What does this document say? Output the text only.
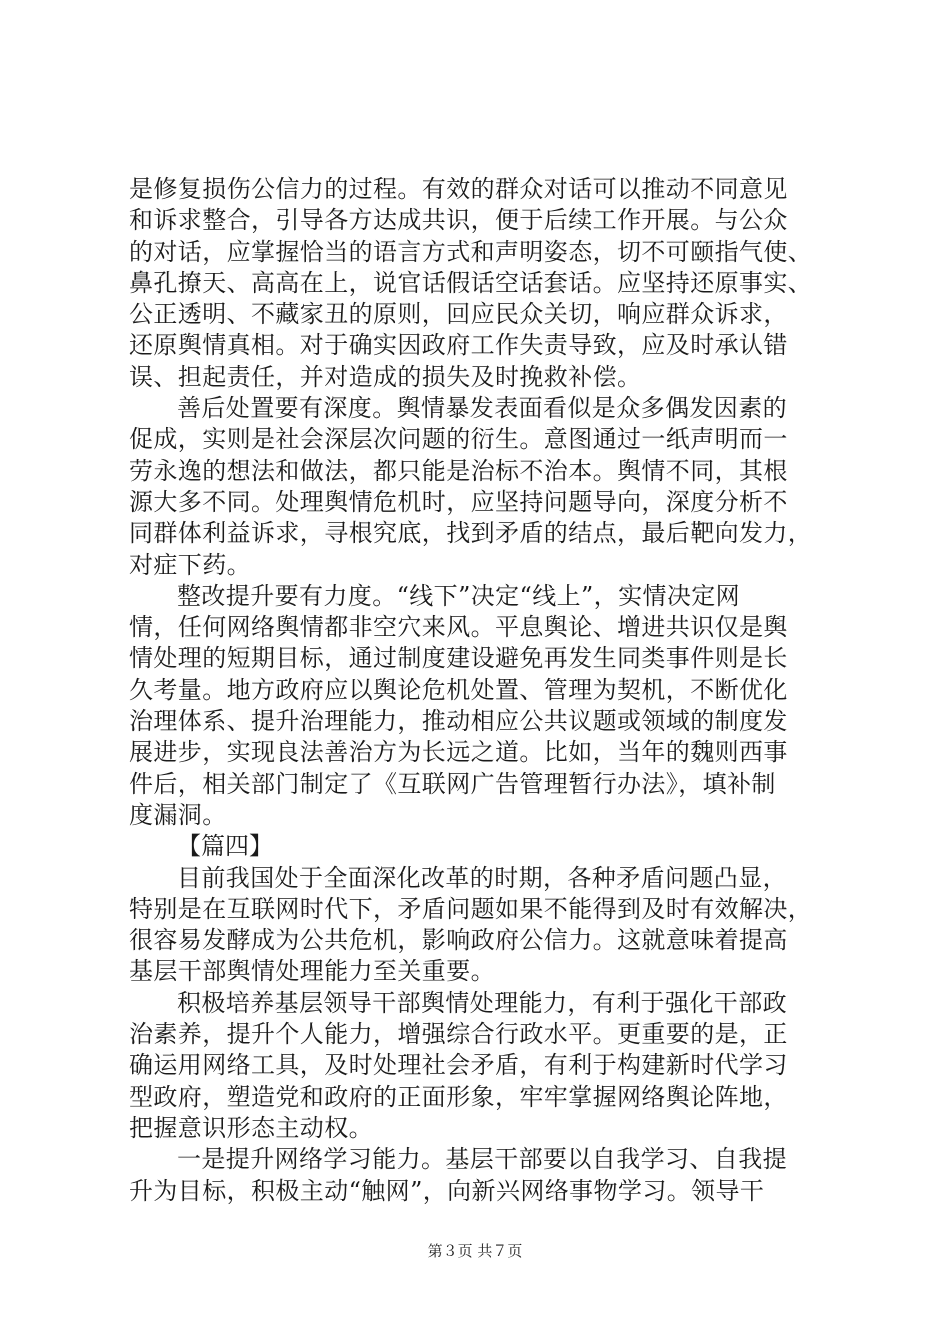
是修复损伤公信力的过程。有效的群众对话可以推动不同意见
和诉求整合，引导各方达成共识，便于后续工作开展。与公众
的对话，应掌握恰当的语言方式和声明姿态，切不可颐指气使、
鼻孔撩天、高高在上，说官话假话空话套话。应坚持还原事实、
公正透明、不藏家丑的原则，回应民众关切，响应群众诉求，
还原舆情真相。对于确实因政府工作失责导致，应及时承认错
误、担起责任，并对造成的损失及时挽救补偿。
善后处置要有深度。舆情暴发表面看似是众多偶发因素的
促成，实则是社会深层次问题的衍生。意图通过一纸声明而一
劳永逸的想法和做法，都只能是治标不治本。舆情不同，其根
源大多不同。处理舆情危机时，应坚持问题导向，深度分析不
同群体利益诉求，寻根究底，找到矛盾的结点，最后靶向发力，
对症下药。
整改提升要有力度。“线下”决定“线上”，实情决定网
情，任何网络舆情都非空穴来风。平息舆论、增进共识仅是舆
情处理的短期目标，通过制度建设避免再发生同类事件则是长
久考量。地方政府应以舆论危机处置、管理为契机，不断优化
治理体系、提升治理能力，推动相应公共议题或领域的制度发
展进步，实现良法善治方为长远之道。比如，当年的魏则西事
件后，相关部门制定了《互联网广告管理暂行办法》，填补制
度漏洞。
【篇四】
目前我国处于全面深化改革的时期，各种矛盾问题凸显，
特别是在互联网时代下，矛盾问题如果不能得到及时有效解决，
很容易发酵成为公共危机，影响政府公信力。这就意味着提高
基层干部舆情处理能力至关重要。
积极培养基层领导干部舆情处理能力，有利于强化干部政
治素养，提升个人能力，增强综合行政水平。更重要的是，正
确运用网络工具，及时处理社会矛盾，有利于构建新时代学习
型政府，塑造党和政府的正面形象，牢牢掌握网络舆论阵地，
把握意识形态主动权。
一是提升网络学习能力。基层干部要以自我学习、自我提
升为目标，积极主动“触网”，向新兴网络事物学习。领导干
第３页 共７页
